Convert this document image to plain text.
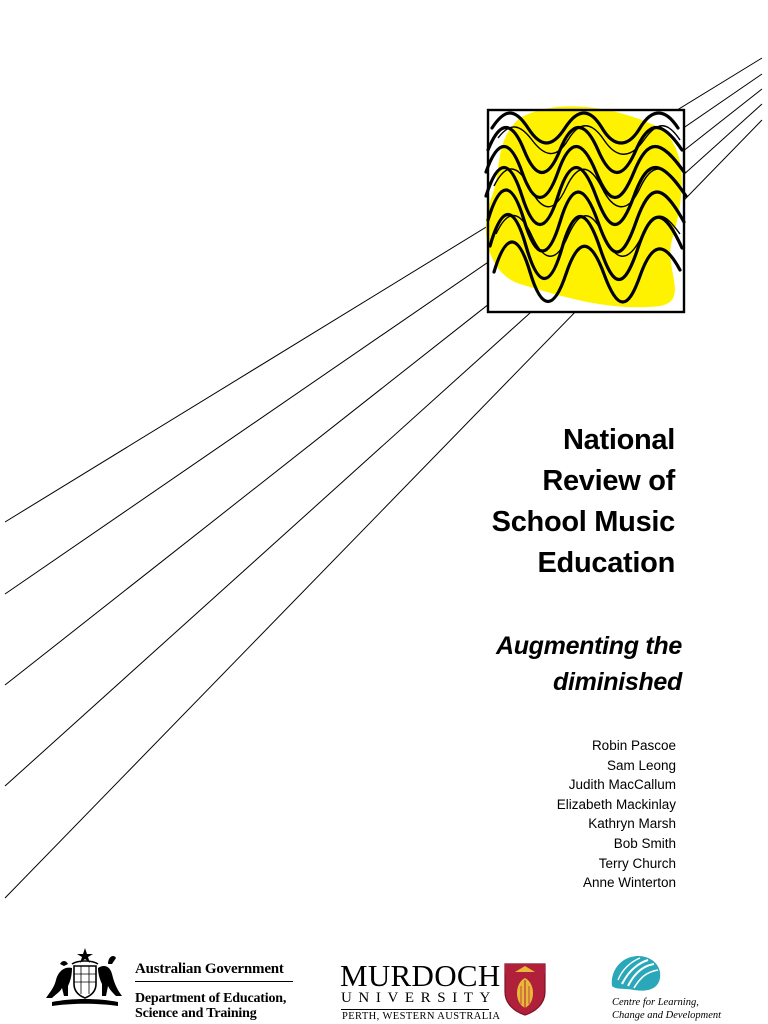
National
Review of
School Music
Education
Augmenting the
diminished
Robin Pascoe
Sam Leong
Judith MacCallum
Elizabeth Mackinlay
Kathryn Marsh
Bob Smith
Terry Church
Anne Winterton
Australian Government
Department of Education,
Science and Training
MURDOCH
UNIVERSITY
PERTH, WESTERN AUSTRALIA
Centre for Learning,
Change and Development
